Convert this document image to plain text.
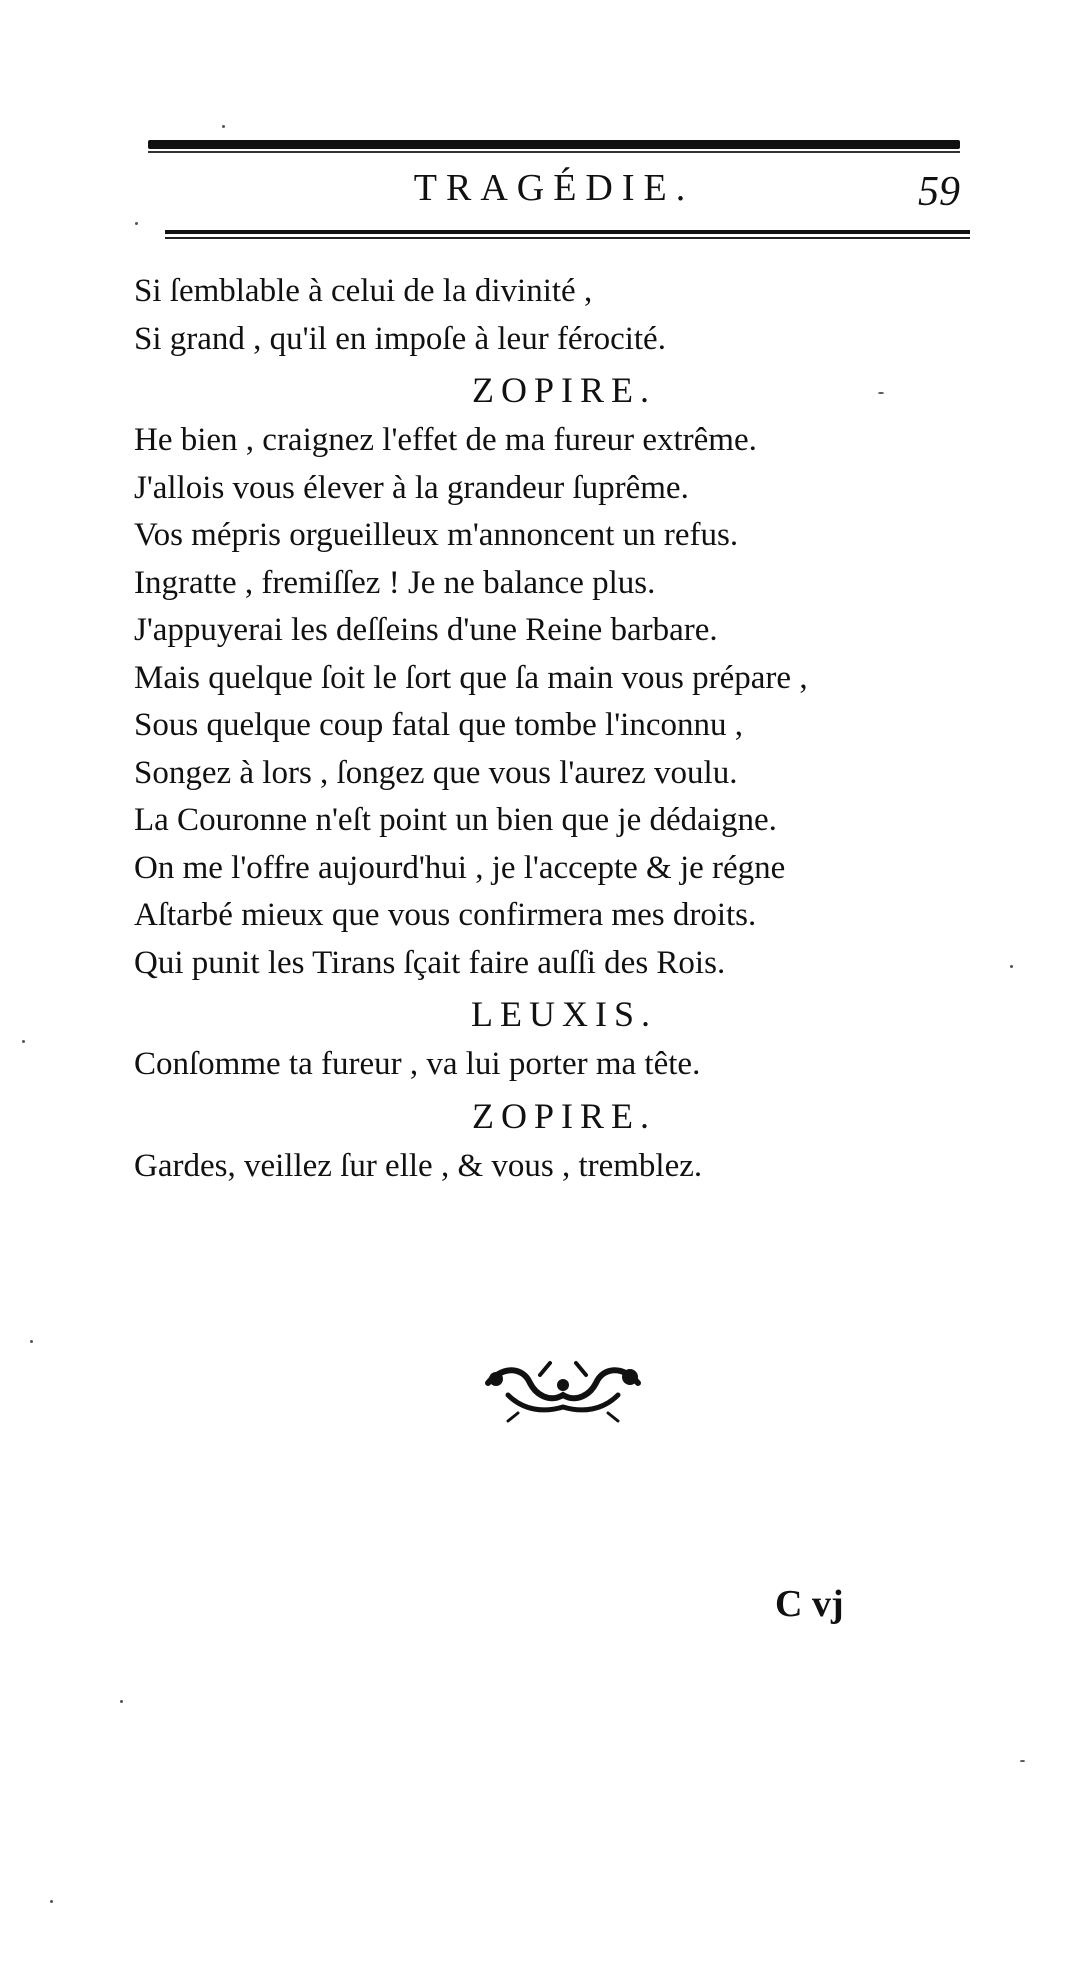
TRAGÉDIE.	59
Si ſemblable à celui de la divinité ,
Si grand , qu'il en impoſe à leur férocité.
ZOPIRE.
He bien , craignez l'effet de ma fureur extrême.
J'allois vous élever à la grandeur ſuprême.
Vos mépris orgueilleux m'annoncent un refus.
Ingratte , fremiſſez ! Je ne balance plus.
J'appuyerai les deſſeins d'une Reine barbare.
Mais quelque ſoit le ſort que ſa main vous prépare ,
Sous quelque coup fatal que tombe l'inconnu ,
Songez à lors , ſongez que vous l'aurez voulu.
La Couronne n'eſt point un bien que je dédaigne.
On me l'offre aujourd'hui , je l'accepte & je régne
Aſtarbé mieux que vous confirmera mes droits.
Qui punit les Tirans ſçait faire auſſi des Rois.
LEUXIS.
Conſomme ta fureur , va lui porter ma tête.
ZOPIRE.
Gardes, veillez ſur elle , & vous , tremblez.
C vj
